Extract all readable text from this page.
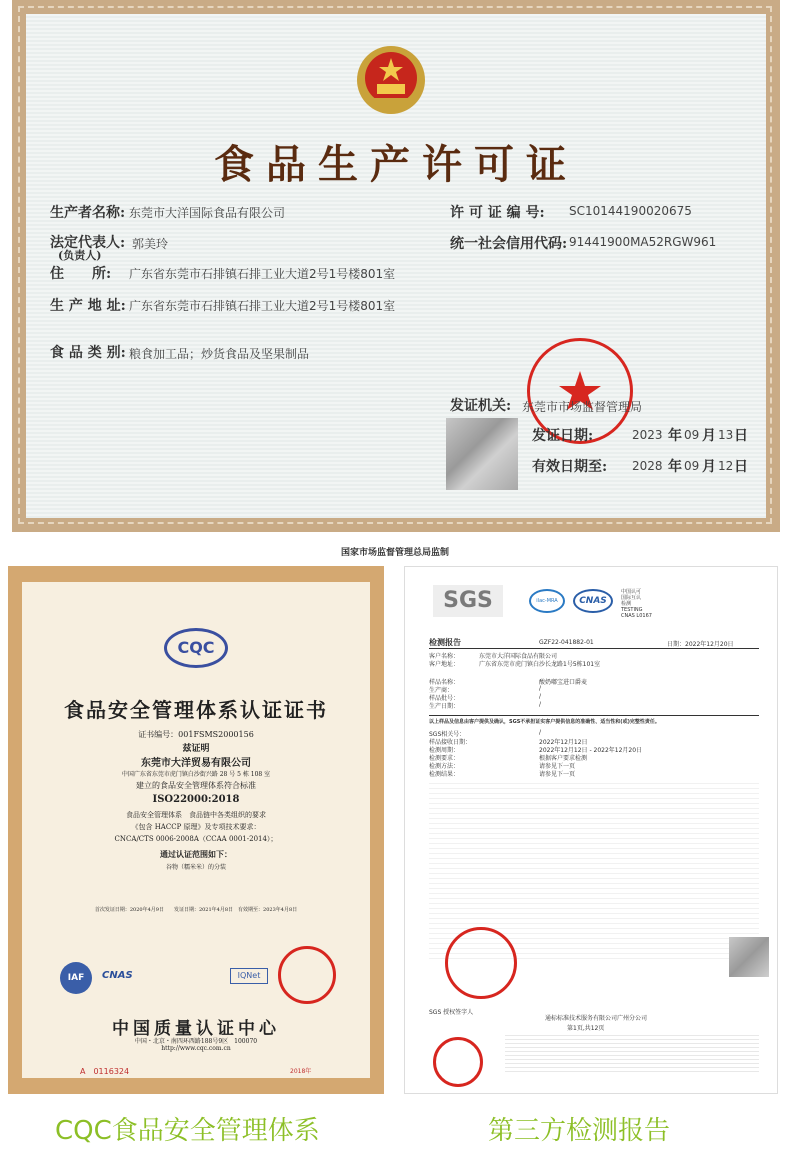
食品生产许可证
生产者名称: 东莞市大洋国际食品有限公司	许 可 证 编 号: SC10144190020675
法定代表人:
(负责人)
郭美玲	统一社会信用代码: 91441900MA52RGW961
住　　所: 广东省东莞市石排镇石排工业大道2号1号楼801室
生 产 地 址: 广东省东莞市石排镇石排工业大道2号1号楼801室
食 品 类 别: 粮食加工品；炒货食品及坚果制品
发证机关: 东莞市市场监督管理局
发证日期:	2023 年 09 月 13 日
有效日期至: 2028 年 09 月 12 日
国家市场监督管理总局监制
CQC
食品安全管理体系认证证书
证书编号：001FSMS2000156
兹证明
东莞市大洋贸易有限公司
中国广东省东莞市虎门镇白沙街兴路 28 号 5 栋 108 室
建立的食品安全管理体系符合标准
ISO22000:2018
食品安全管理体系　食品链中各类组织的要求
《包含 HACCP 原理》及专项技术要求：
CNCA/CTS 0006-2008A（CCAA 0001-2014）；
通过认证范围如下：
谷物（糯米米）的分装
首次发证日期：2020年4月9日　　发证日期：2021年4月8日　有效期至：2023年4月8日
IAF	CNAS	IQNet
中国质量认证中心
中国・北京・南四环西路188号9区　100070
http://www.cqc.com.cn
A　0116324	2018年
SGS	ilac-MRA	CNAS
中国认可
国际互认
检测
TESTING
CNAS L0167
检测报告	GZF22-041882-01	日期：2022年12月20日
客户名称：	东莞市大洋国际食品有限公司
客户地址：	广东省东莞市虎门镇白沙长龙路1号5栋101室
样品名称：	酸奶嘟宝进口爵麦
生产商：	/
样品批号：	/
生产日期：	/
以上样品及信息由客户提供及确认，SGS不承担证实客户提供信息的准确性、适当性和(或)完整性责任。
SGS相关号：	/
样品接收日期：	2022年12月12日
检测周期：	2022年12月12日 - 2022年12月20日
检测要求：	根据客户要求检测
检测方法：	请参见下一页
检测结果：	请参见下一页
SGS 授权签字人
通标标准技术服务有限公司广州分公司
第1页,共12页
CQC食品安全管理体系	第三方检测报告
